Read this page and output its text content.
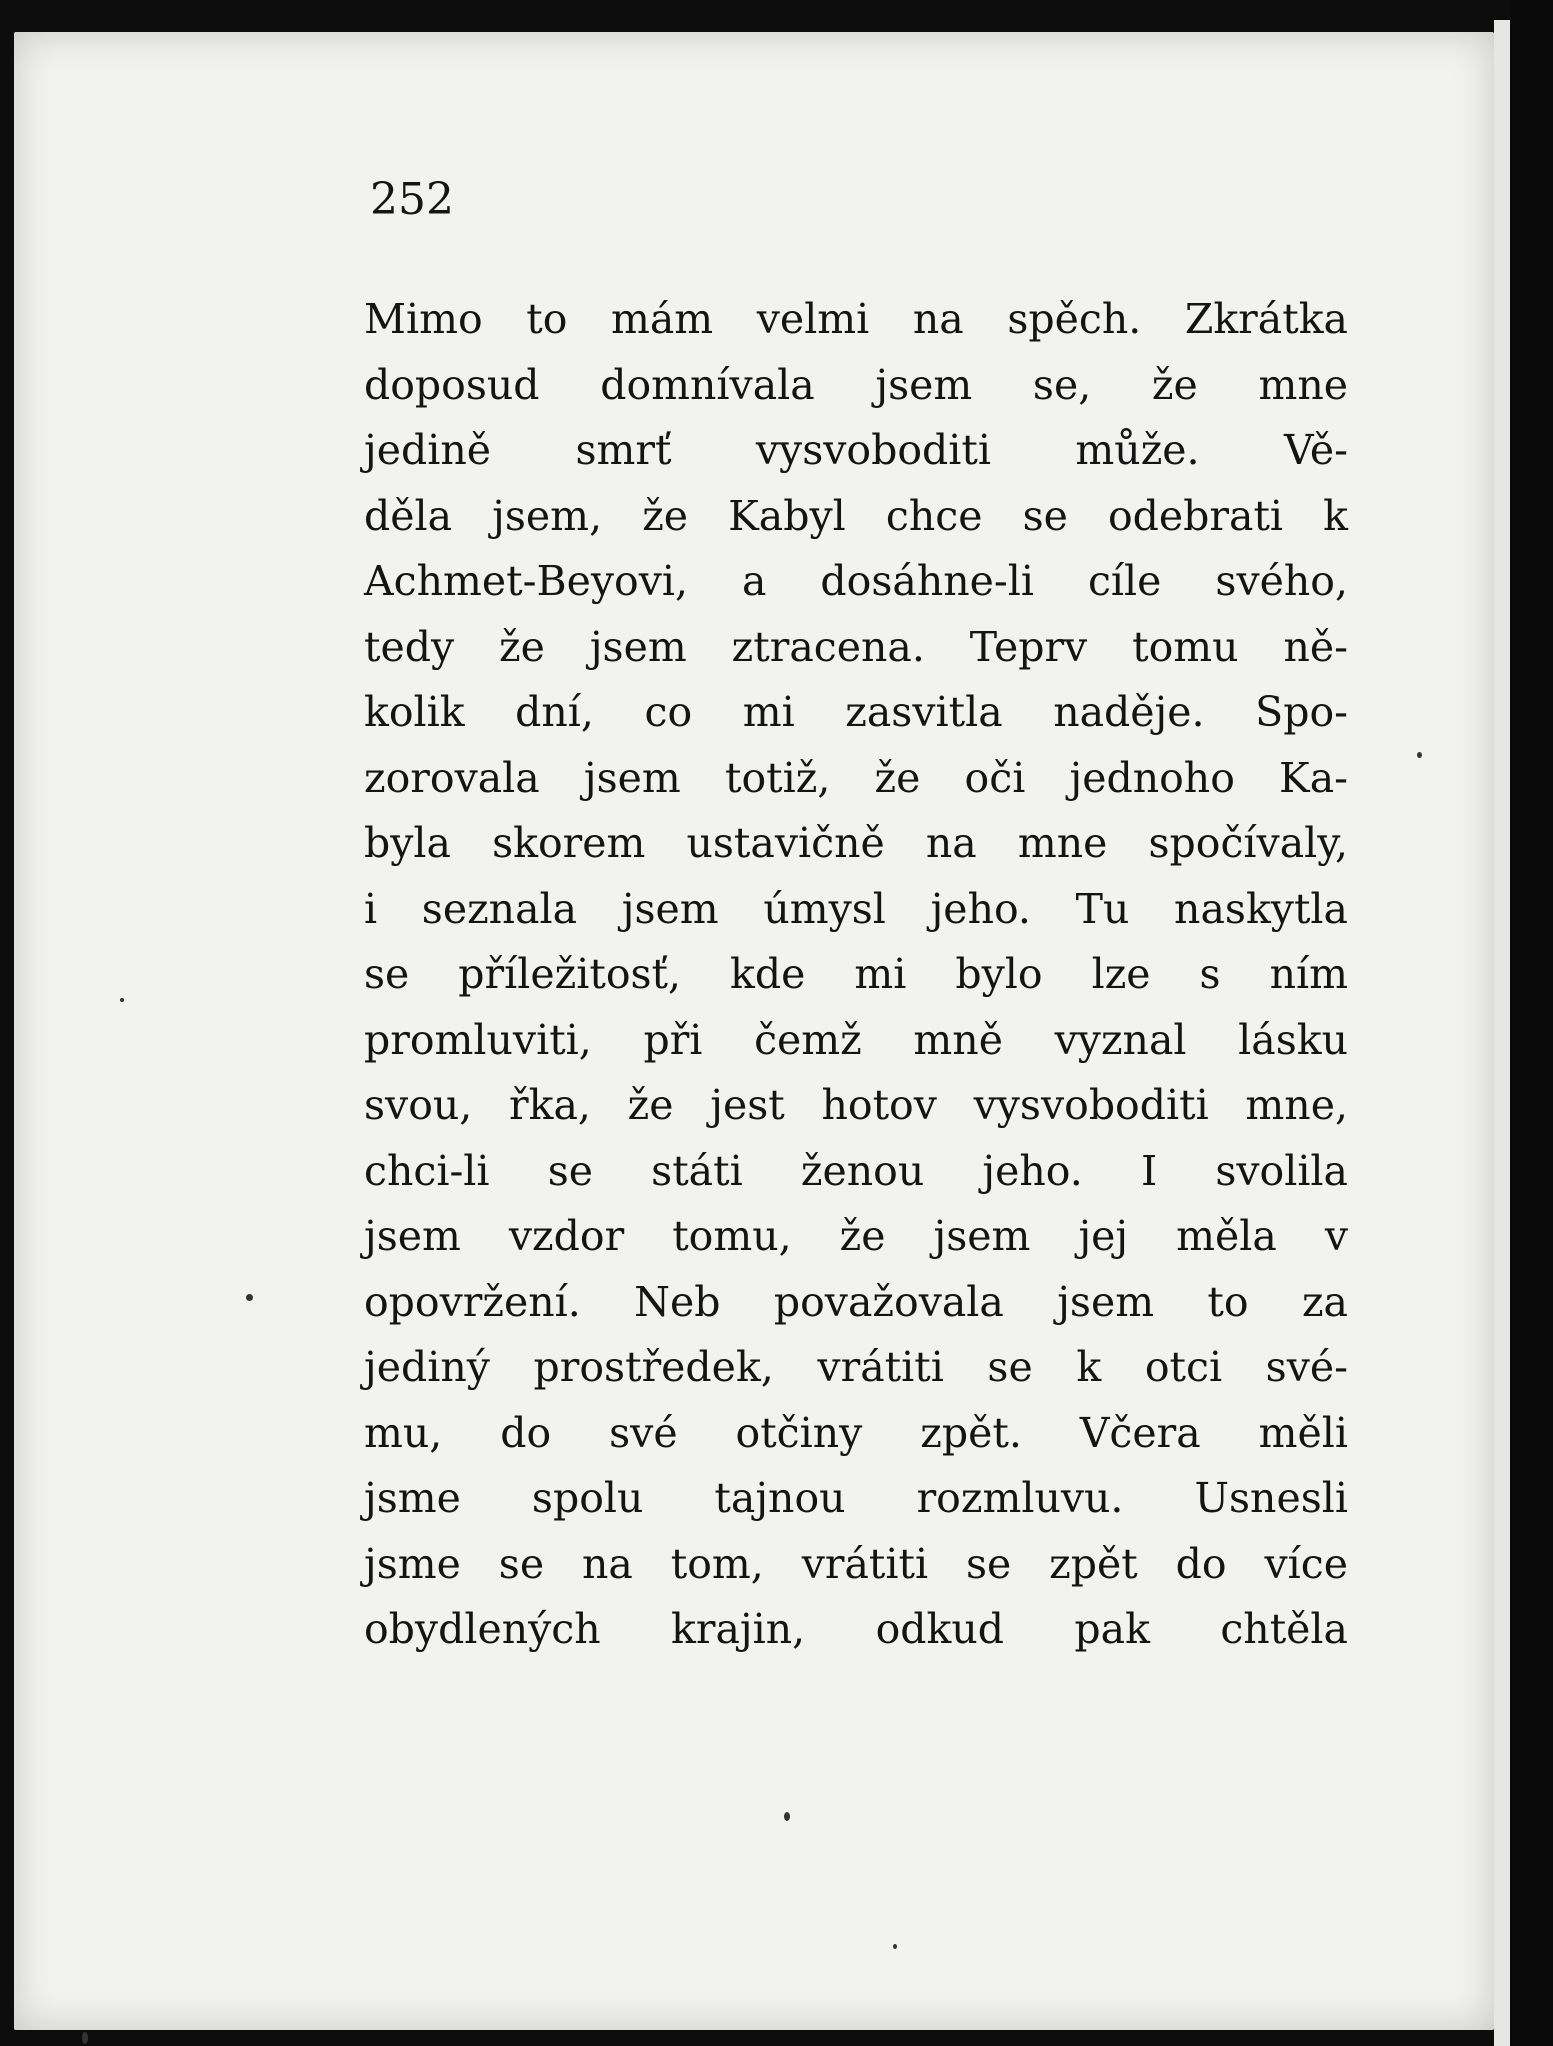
252
Mimo to mám velmi na spěch. Zkrátka
doposud domnívala jsem se, že mne
jedině smrť vysvoboditi může. Vě-
děla jsem, že Kabyl chce se odebrati k
Achmet-Beyovi, a dosáhne-li cíle svého,
tedy že jsem ztracena. Teprv tomu ně-
kolik dní, co mi zasvitla naděje. Spo-
zorovala jsem totiž, že oči jednoho Ka-
byla skorem ustavičně na mne spočívaly,
i seznala jsem úmysl jeho. Tu naskytla
se příležitosť, kde mi bylo lze s ním
promluviti, při čemž mně vyznal lásku
svou, řka, že jest hotov vysvoboditi mne,
chci-li se státi ženou jeho. I svolila
jsem vzdor tomu, že jsem jej měla v
opovržení. Neb považovala jsem to za
jediný prostředek, vrátiti se k otci své-
mu, do své otčiny zpět. Včera měli
jsme spolu tajnou rozmluvu. Usnesli
jsme se na tom, vrátiti se zpět do více
obydlených krajin, odkud pak chtěla
